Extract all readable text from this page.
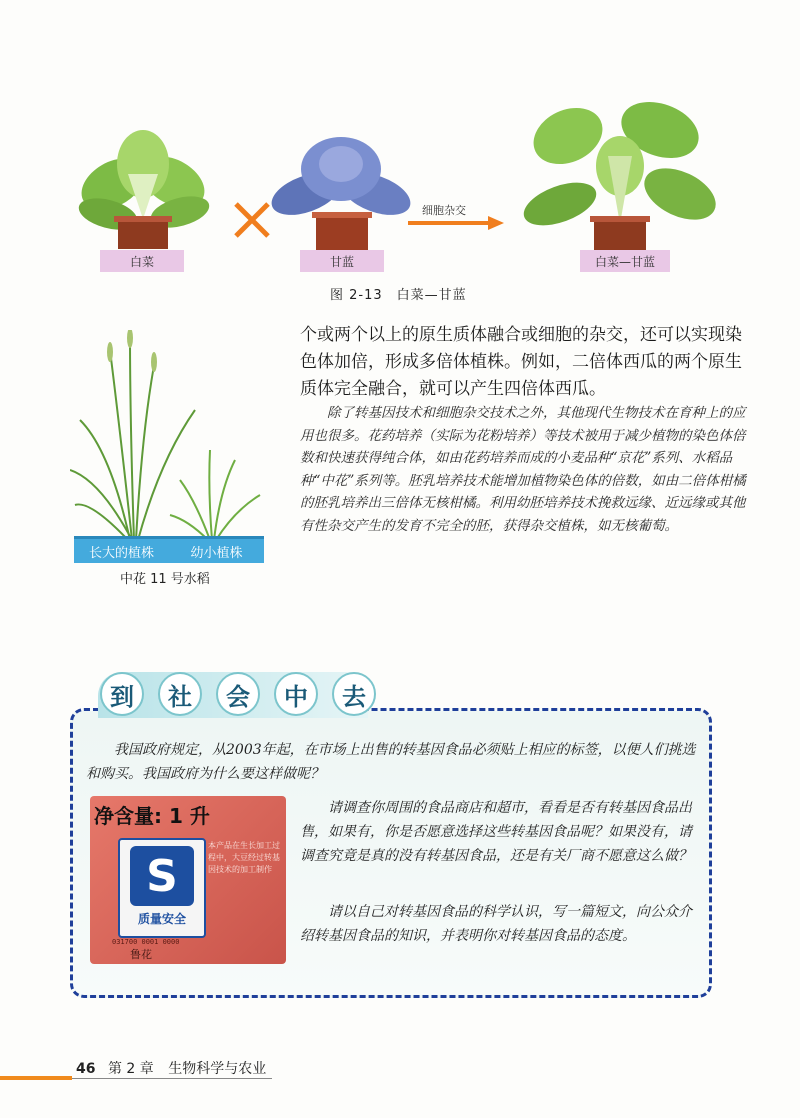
细胞杂交
白菜	甘蓝	白菜—甘蓝
图 2-13　白菜—甘蓝
长大的植株	幼小植株
中花 11 号水稻
个或两个以上的原生质体融合或细胞的杂交，还可以实现染色体加倍，形成多倍体植株。例如，二倍体西瓜的两个原生质体完全融合，就可以产生四倍体西瓜。
除了转基因技术和细胞杂交技术之外，其他现代生物技术在育种上的应用也很多。花药培养（实际为花粉培养）等技术被用于减少植物的染色体倍数和快速获得纯合体，如由花药培养而成的小麦品种“京花”系列、水稻品种“中花”系列等。胚乳培养技术能增加植物染色体的倍数，如由二倍体柑橘的胚乳培养出三倍体无核柑橘。利用幼胚培养技术挽救远缘、近远缘或其他有性杂交产生的发育不完全的胚，获得杂交植株，如无核葡萄。
到	社	会	中	去
我国政府规定，从2003年起，在市场上出售的转基因食品必须贴上相应的标签，以便人们挑选和购买。我国政府为什么要这样做呢？
净含量: 1 升
S
质量安全
本产品在生长加工过程中，大豆经过转基因技术的加工制作
031700 0001 0000
鲁花
请调查你周围的食品商店和超市，看看是否有转基因食品出售，如果有，你是否愿意选择这些转基因食品呢？如果没有，请调查究竟是真的没有转基因食品，还是有关厂商不愿意这么做？
请以自己对转基因食品的科学认识，写一篇短文，向公众介绍转基因食品的知识，并表明你对转基因食品的态度。
46 第 2 章 生物科学与农业
